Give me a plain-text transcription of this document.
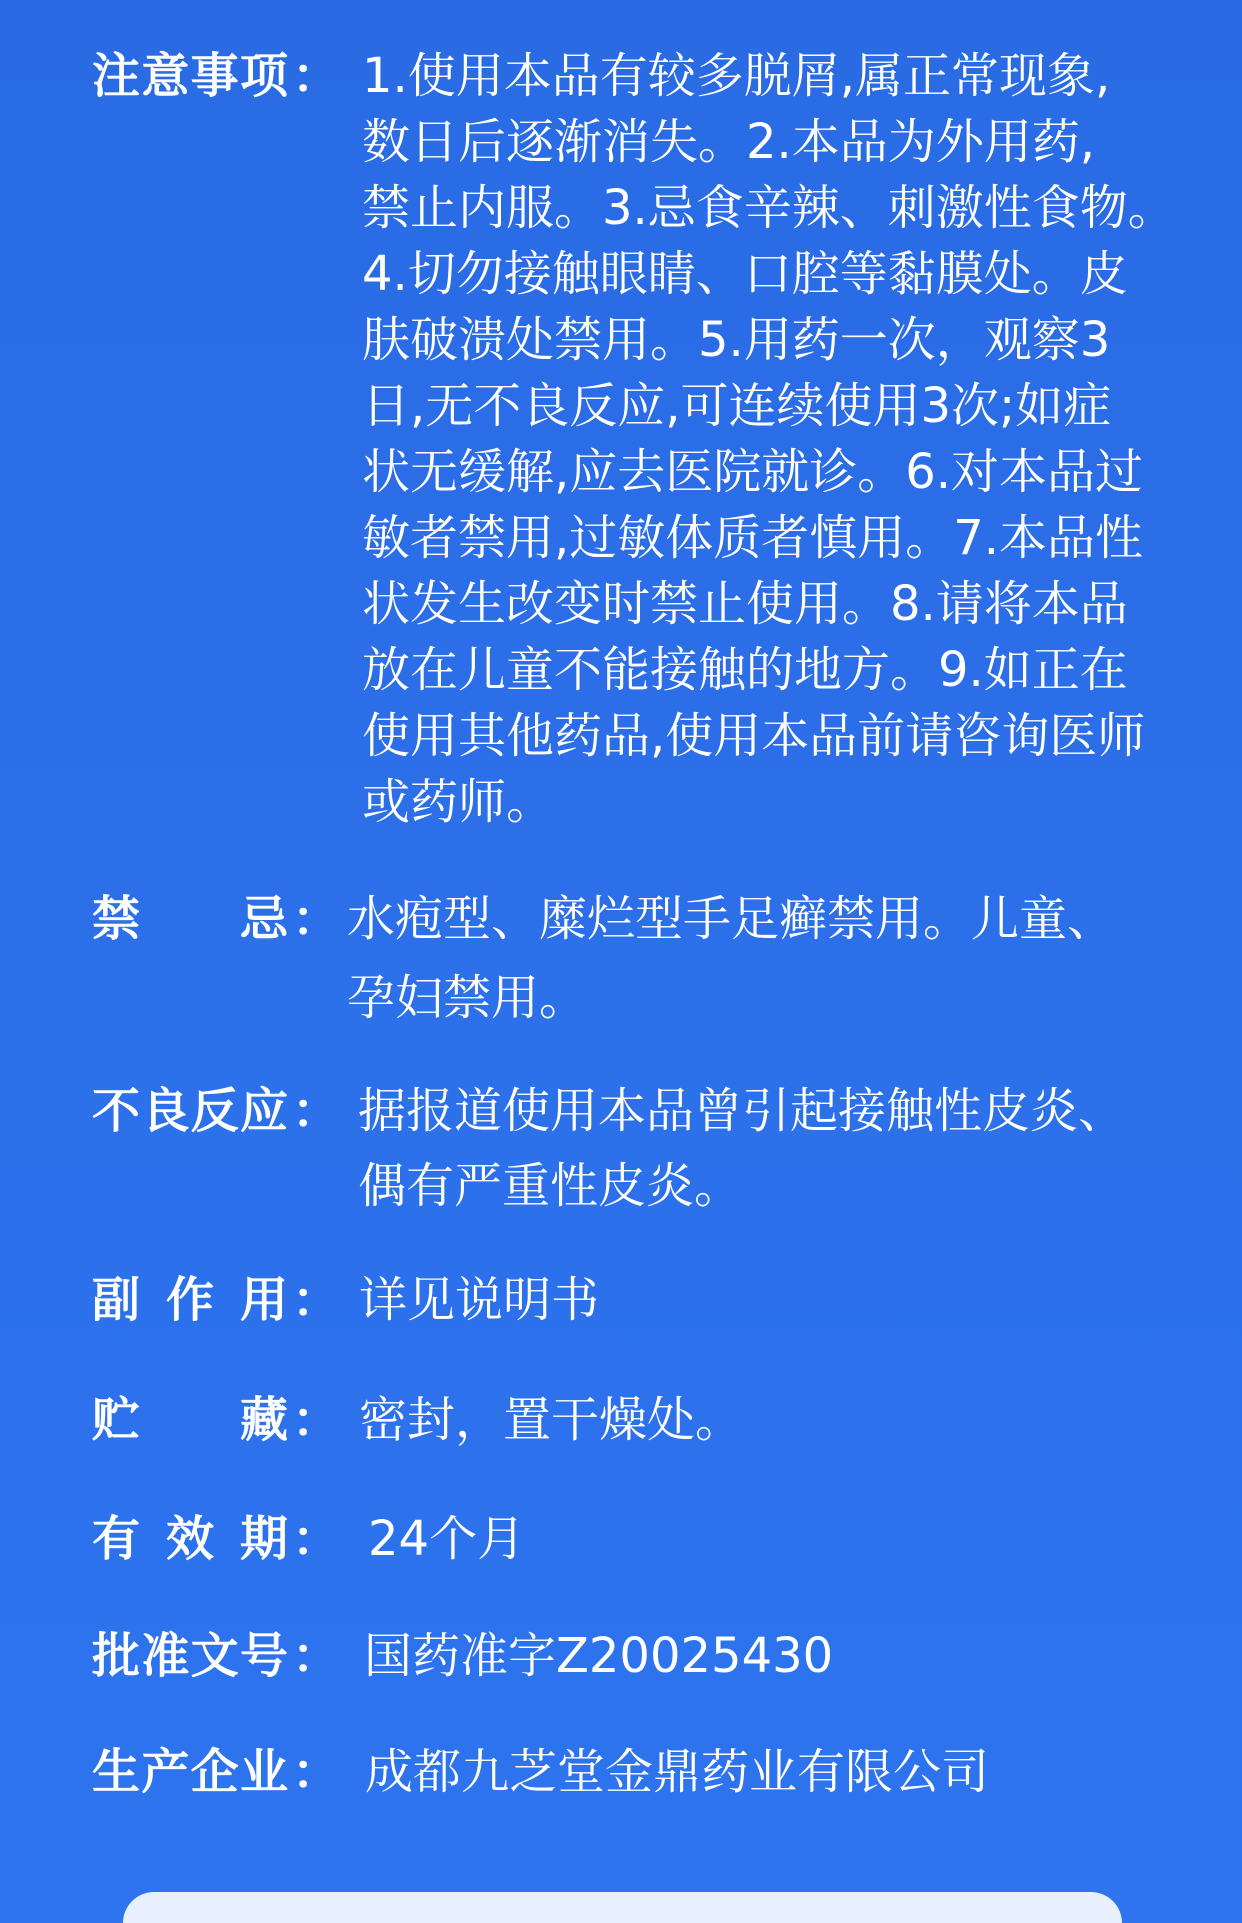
注 意 事 项 ： 1.使用本品有较多脱屑,属正常现象,
数日后逐渐消失。2.本品为外用药,
禁止内服。3.忌食辛辣、刺激性食物。
4.切勿接触眼睛、口腔等黏膜处。皮
肤破溃处禁用。5.用药一次，观察3
日,无不良反应,可连续使用3次;如症
状无缓解,应去医院就诊。6.对本品过
敏者禁用,过敏体质者慎用。7.本品性
状发生改变时禁止使用。8.请将本品
放在儿童不能接触的地方。9.如正在
使用其他药品,使用本品前请咨询医师
或药师。
禁 忌 ： 水疱型、糜烂型手足癣禁用。儿童、
孕妇禁用。
不 良 反 应 ： 据报道使用本品曾引起接触性皮炎、
偶有严重性皮炎。
副 作 用 ： 详见说明书
贮 藏 ： 密封，置干燥处。
有 效 期 ： 24个月
批 准 文 号 ： 国药准字Z20025430
生 产 企 业 ： 成都九芝堂金鼎药业有限公司
